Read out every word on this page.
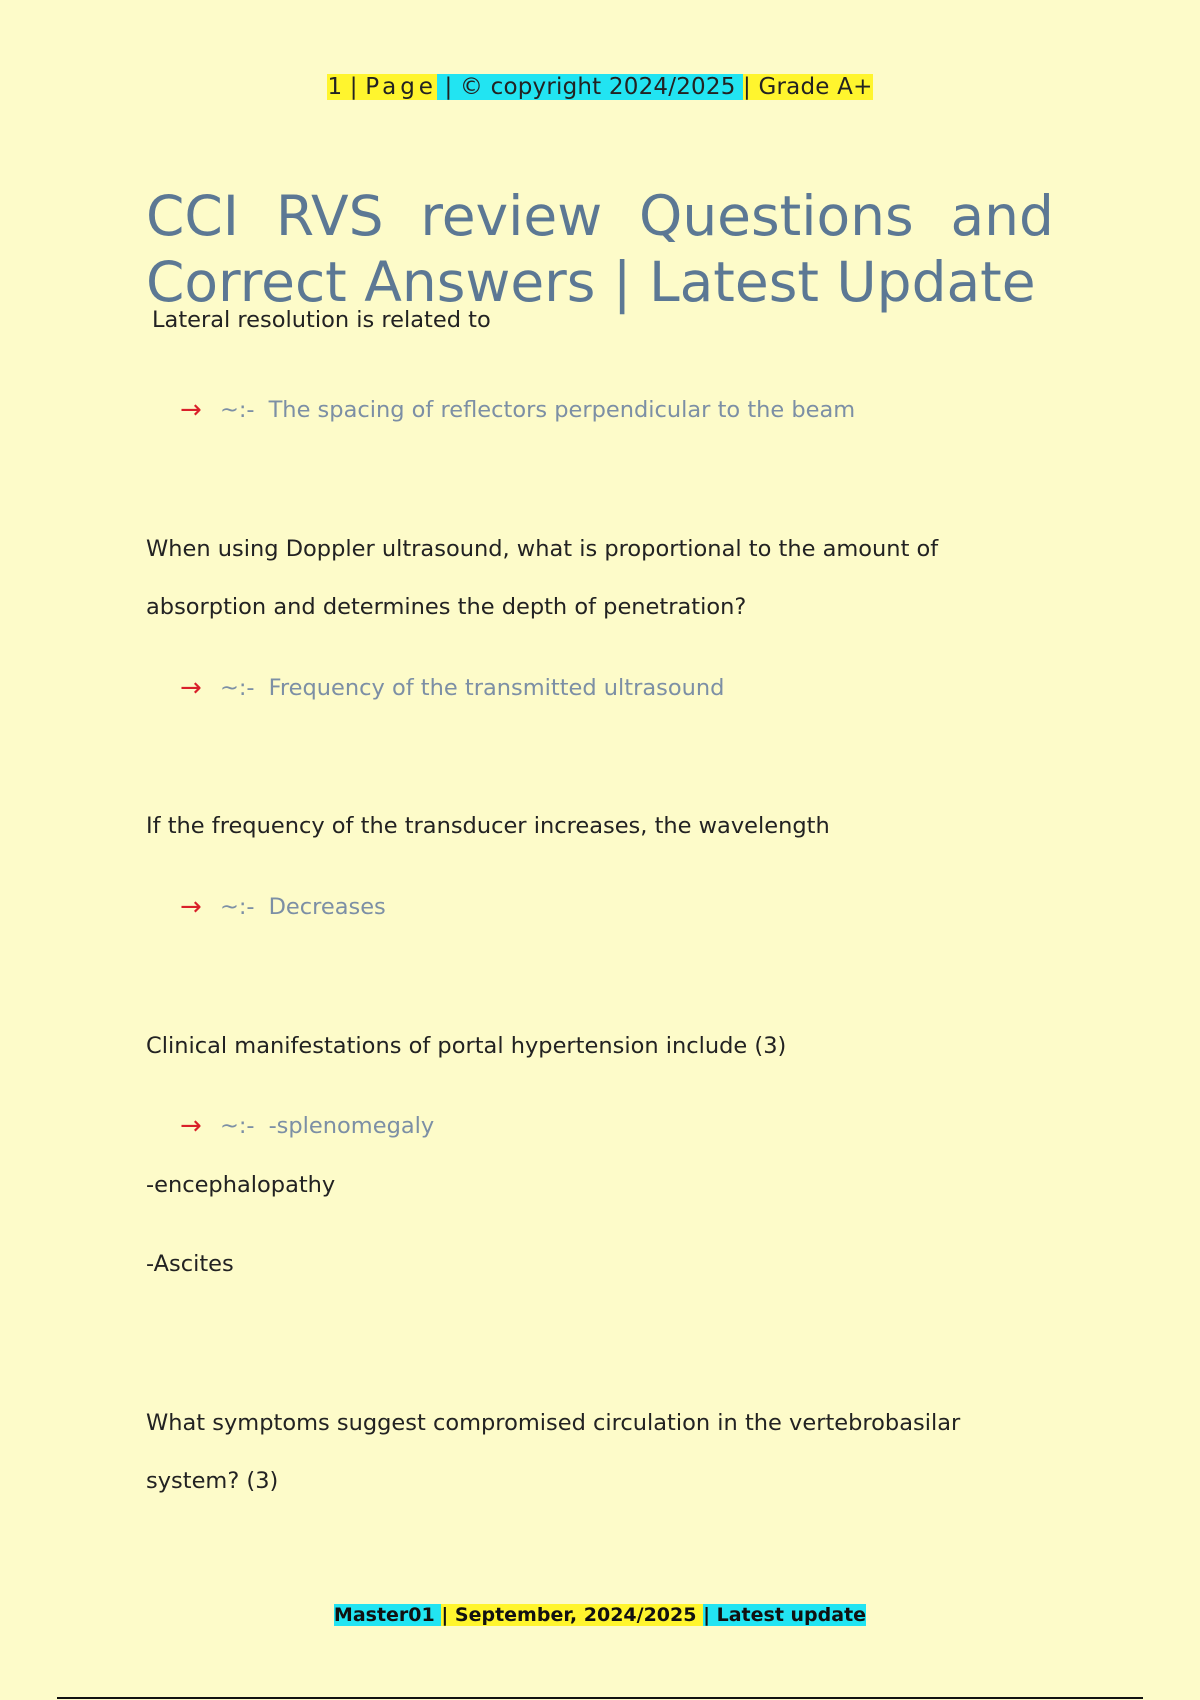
1 | Page | © copyright 2024/2025 | Grade A+
CCI RVS review Questions and
Correct Answers | Latest Update

Lateral resolution is related to

→ ~:- The spacing of reflectors perpendicular to the beam

When using Doppler ultrasound, what is proportional to the amount of

absorption and determines the depth of penetration?

→ ~:- Frequency of the transmitted ultrasound

If the frequency of the transducer increases, the wavelength

→ ~:- Decreases

Clinical manifestations of portal hypertension include (3)

→ ~:- -splenomegaly

-encephalopathy

-Ascites

What symptoms suggest compromised circulation in the vertebrobasilar

system? (3)

Master01 | September, 2024/2025 | Latest update
